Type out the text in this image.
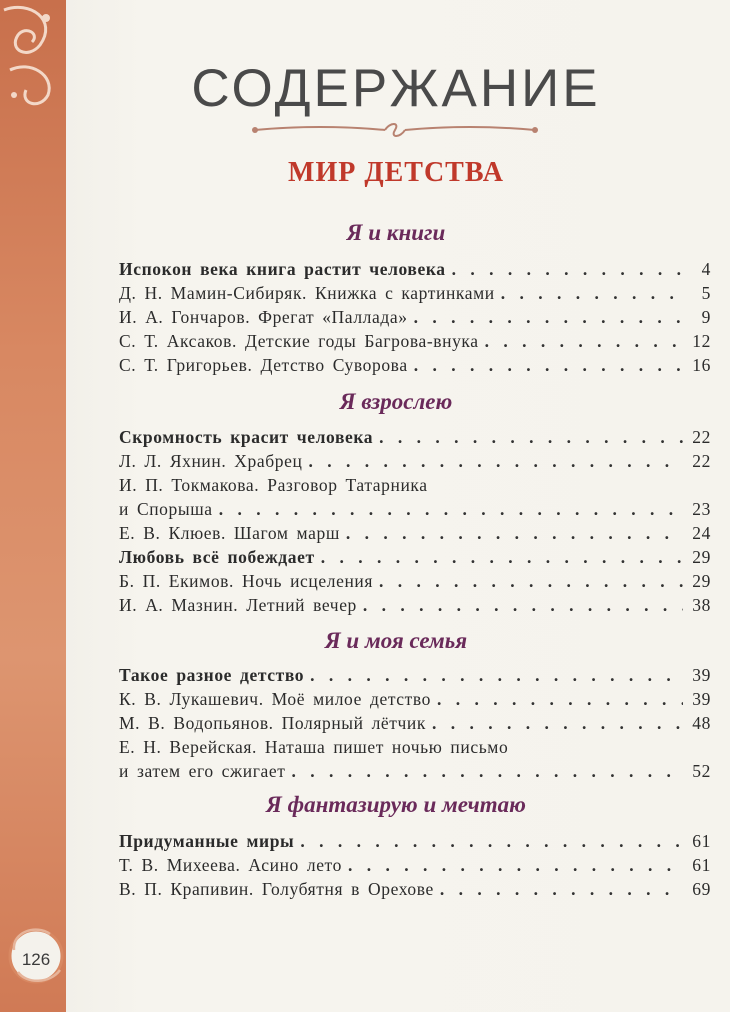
126
СОДЕРЖАНИЕ
МИР ДЕТСТВА
Я и книги
Испокон века книга растит человека . . .	4
Д. Н. Мамин-Сибиряк. Книжка с картинками . . .	5
И. А. Гончаров. Фрегат «Паллада» . . .	9
С. Т. Аксаков. Детские годы Багрова-внука . . .	12
С. Т. Григорьев. Детство Суворова . . .	16
Я взрослею
Скромность красит человека . . .	22
Л. Л. Яхнин. Храбрец . . .	22
И. П. Токмакова. Разговор Татарника
и Спорыша . . .	23
Е. В. Клюев. Шагом марш . . .	24
Любовь всё побеждает . . .	29
Б. П. Екимов. Ночь исцеления . . .	29
И. А. Мазнин. Летний вечер . . .	38
Я и моя семья
Такое разное детство . . .	39
К. В. Лукашевич. Моё милое детство . . .	39
М. В. Водопьянов. Полярный лётчик . . .	48
Е. Н. Верейская. Наташа пишет ночью письмо
и затем его сжигает . . .	52
Я фантазирую и мечтаю
Придуманные миры . . .	61
Т. В. Михеева. Асино лето . . .	61
В. П. Крапивин. Голубятня в Орехове . . .	69
